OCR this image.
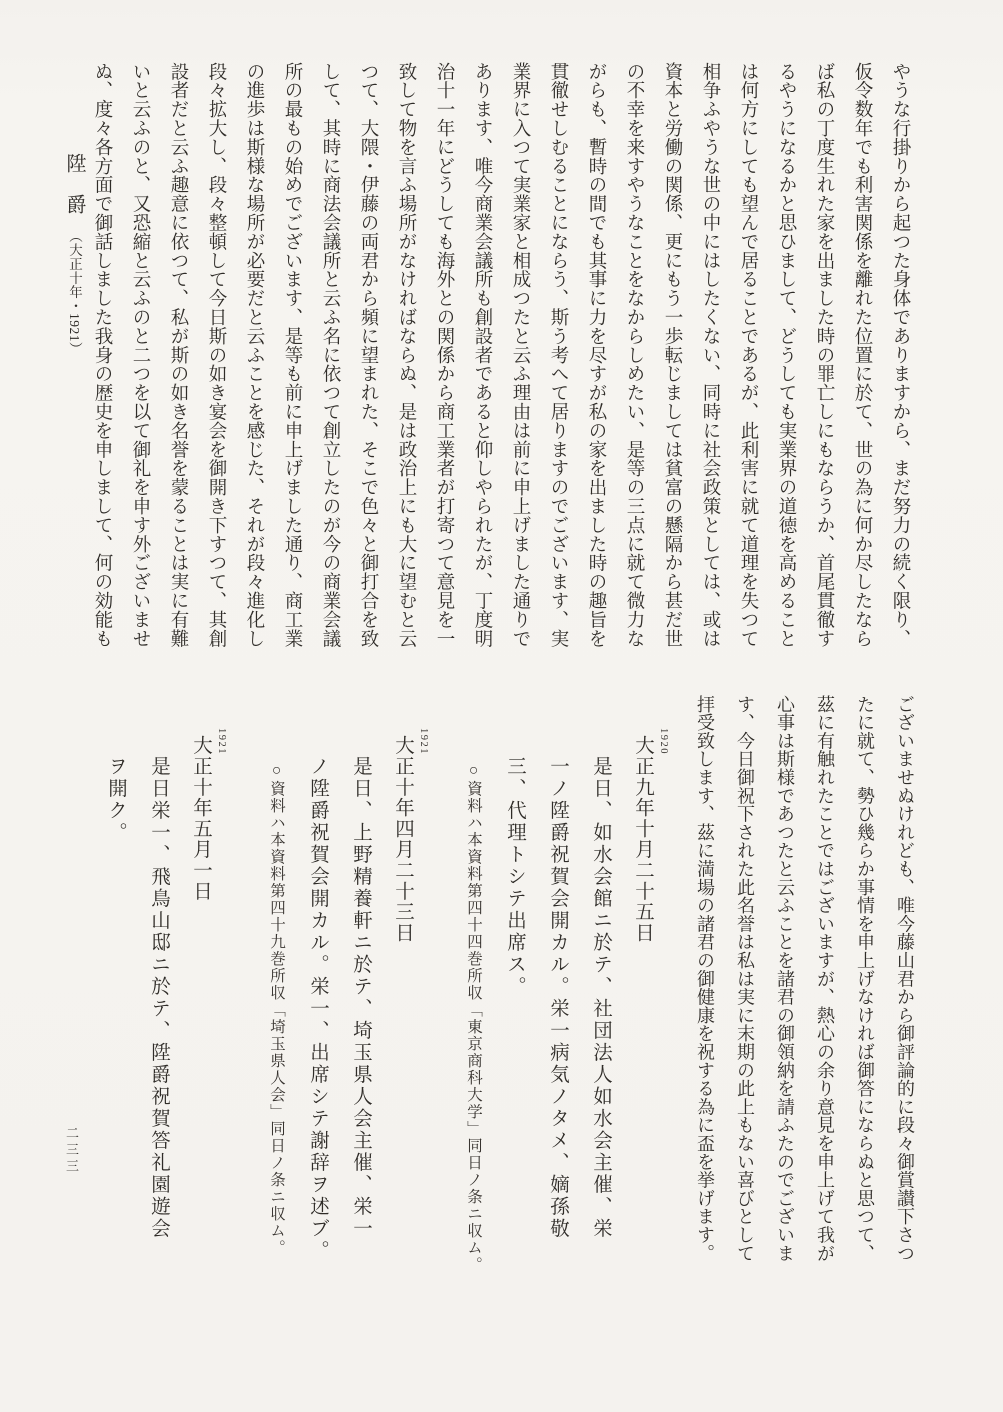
やうな行掛りから起つた身体でありますから、まだ努力の続く限り、
仮令数年でも利害関係を離れた位置に於て、世の為に何か尽したなら
ば私の丁度生れた家を出ました時の罪亡しにもならうか、首尾貫徹す
るやうになるかと思ひまして、どうしても実業界の道徳を高めること
は何方にしても望んで居ることであるが、此利害に就て道理を失つて
相争ふやうな世の中にはしたくない、同時に社会政策としては、或は
資本と労働の関係、更にもう一歩転じましては貧富の懸隔から甚だ世
の不幸を来すやうなことをなからしめたい、是等の三点に就て微力な
がらも、暫時の間でも其事に力を尽すが私の家を出ました時の趣旨を
貫徹せしむることにならう、斯う考へて居りますのでございます、実
業界に入つて実業家と相成つたと云ふ理由は前に申上げました通りで
あります、唯今商業会議所も創設者であると仰しやられたが、丁度明
治十一年にどうしても海外との関係から商工業者が打寄つて意見を一
致して物を言ふ場所がなければならぬ、是は政治上にも大に望むと云
つて、大隈・伊藤の両君から頻に望まれた、そこで色々と御打合を致
して、其時に商法会議所と云ふ名に依つて創立したのが今の商業会議
所の最もの始めでございます、是等も前に申上げました通り、商工業
の進歩は斯様な場所が必要だと云ふことを感じた、それが段々進化し
段々拡大し、段々整頓して今日斯の如き宴会を御開き下すつて、其創
設者だと云ふ趣意に依つて、私が斯の如き名誉を蒙ることは実に有難
いと云ふのと、又恐縮と云ふのと二つを以て御礼を申す外ございませ
ぬ、度々各方面で御話しました我身の歴史を申しまして、何の効能も
ございませぬけれども、唯今藤山君から御評論的に段々御賞讃下さつ
たに就て、勢ひ幾らか事情を申上げなければ御答にならぬと思つて、
茲に有触れたことではございますが、熱心の余り意見を申上げて我が
心事は斯様であつたと云ふことを諸君の御領納を請ふたのでございま
す、今日御祝下された此名誉は私は実に末期の此上もない喜びとして
拝受致します、茲に満場の諸君の御健康を祝する為に盃を挙げます。
1920
大正九年十月二十五日
是日、如水会館ニ於テ、社団法人如水会主催、栄
一ノ陞爵祝賀会開カル。栄一病気ノタメ、嫡孫敬
三、代理トシテ出席ス。
○資料ハ本資料第四十四巻所収「東京商科大学」同日ノ条ニ収ム。
1921
大正十年四月二十三日
是日、上野精養軒ニ於テ、埼玉県人会主催、栄一
ノ陞爵祝賀会開カル。栄一、出席シテ謝辞ヲ述ブ。
○資料ハ本資料第四十九巻所収「埼玉県人会」同日ノ条ニ収ム。
1921
大正十年五月一日
是日栄一、飛鳥山邸ニ於テ、陞爵祝賀答礼園遊会
ヲ開ク。
陞　爵（大正十年・1921）
二三三
